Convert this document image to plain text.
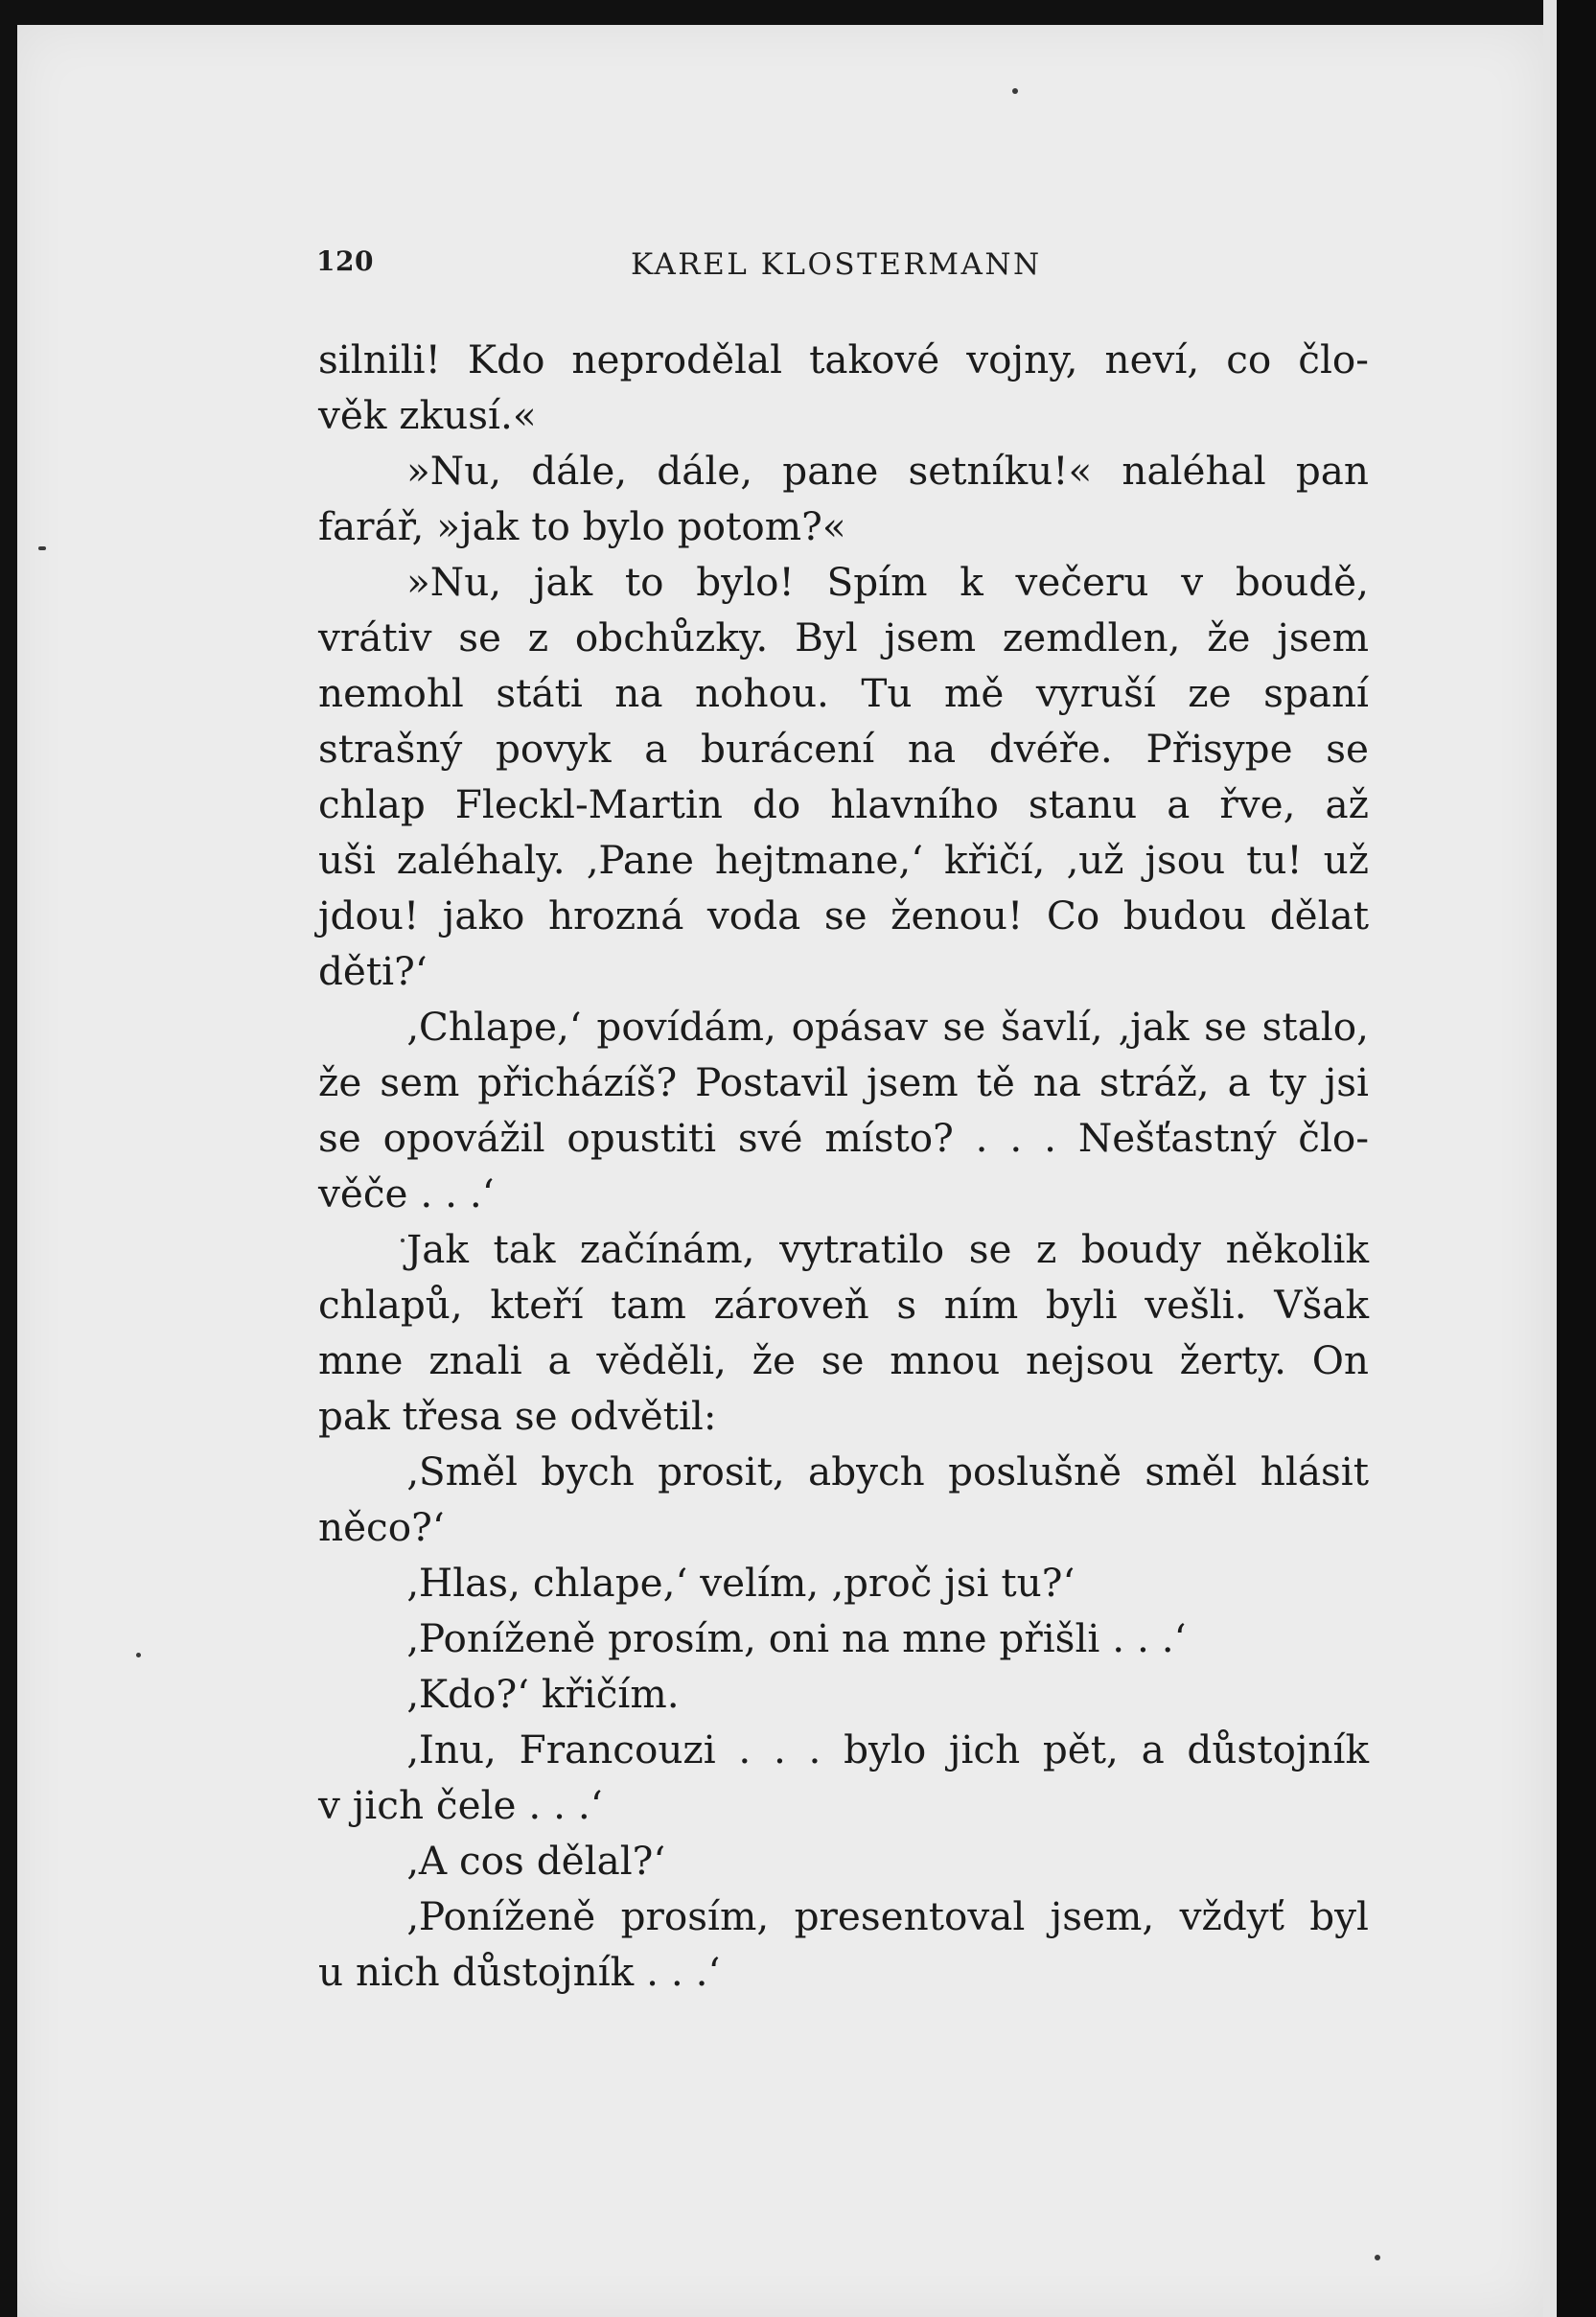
120	KAREL KLOSTERMANN
silnili! Kdo neprodělal takové vojny, neví, co člo-
věk zkusí.«
»Nu, dále, dále, pane setníku!« naléhal pan
farář, »jak to bylo potom?«
»Nu, jak to bylo! Spím k večeru v boudě,
vrátiv se z obchůzky. Byl jsem zemdlen, že jsem
nemohl státi na nohou. Tu mě vyruší ze spaní
strašný povyk a burácení na dvéře. Přisype se
chlap Fleckl-Martin do hlavního stanu a řve, až
uši zaléhaly. ‚Pane hejtmane,‘ křičí, ‚už jsou tu! už
jdou! jako hrozná voda se ženou! Co budou dělat
děti?‘
‚Chlape,‘ povídám, opásav se šavlí, ‚jak se stalo,
že sem přicházíš? Postavil jsem tě na stráž, a ty jsi
se opovážil opustiti své místo? . . . Nešťastný člo-
věče . . .‘
Jak tak začínám, vytratilo se z boudy několik
chlapů, kteří tam zároveň s ním byli vešli. Však
mne znali a věděli, že se mnou nejsou žerty. On
pak třesa se odvětil:
‚Směl bych prosit, abych poslušně směl hlásit
něco?‘
‚Hlas, chlape,‘ velím, ‚proč jsi tu?‘
‚Poníženě prosím, oni na mne přišli . . .‘
‚Kdo?‘ křičím.
‚Inu, Francouzi . . . bylo jich pět, a důstojník
v jich čele . . .‘
‚A cos dělal?‘
‚Poníženě prosím, presentoval jsem, vždyť byl
u nich důstojník . . .‘
